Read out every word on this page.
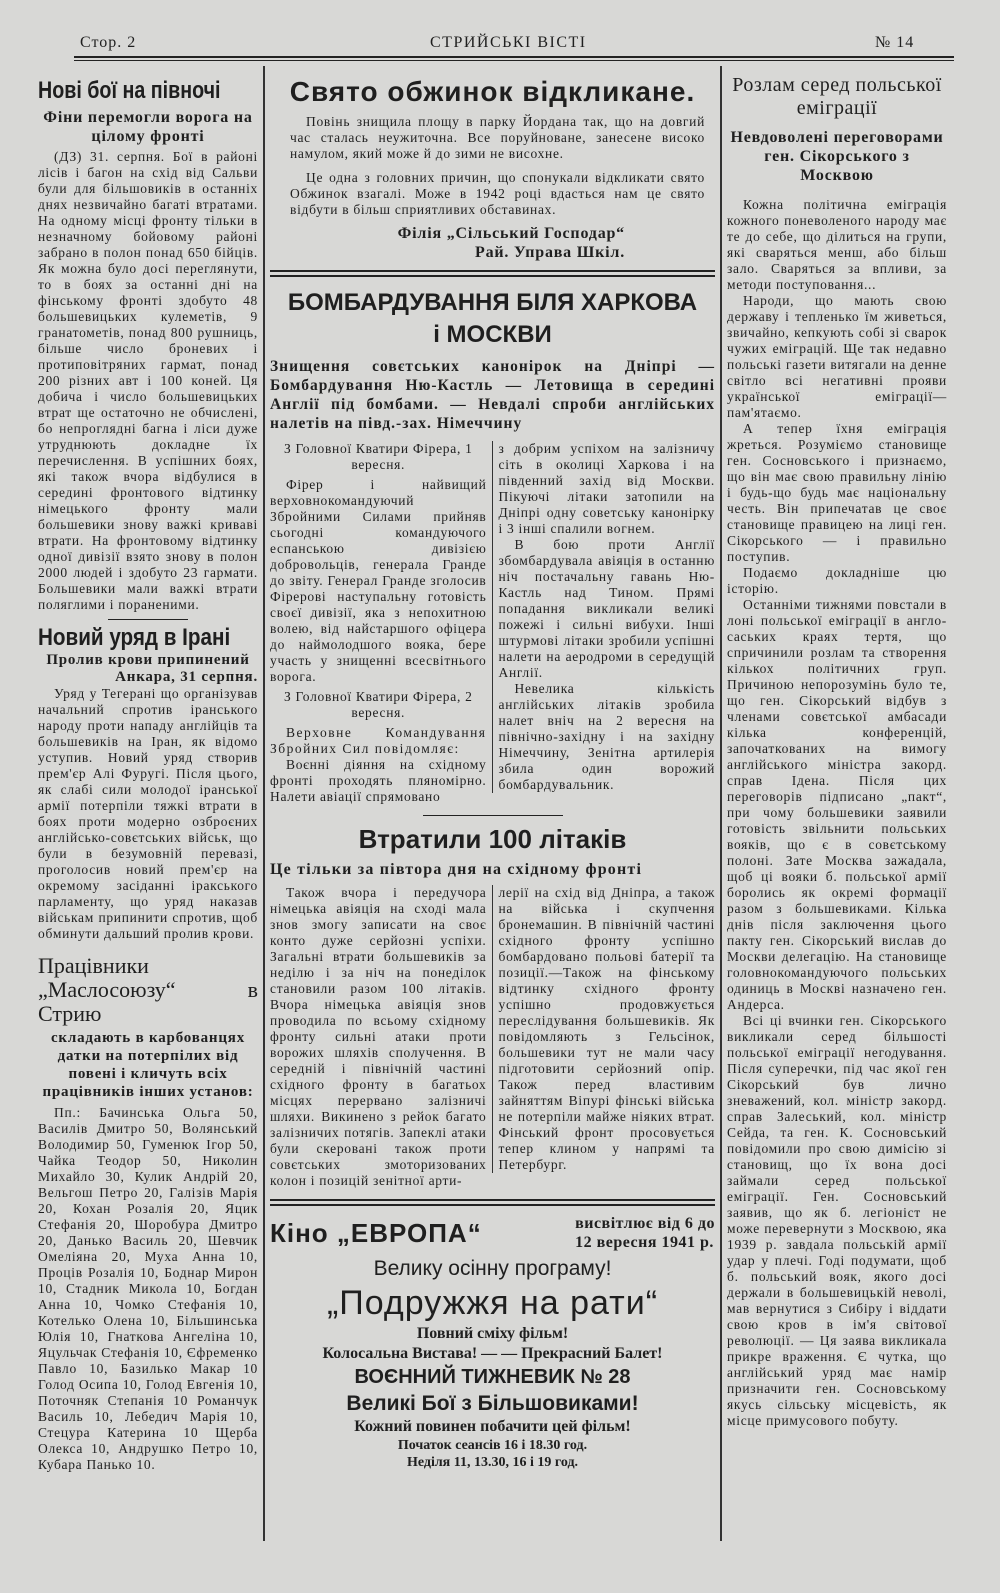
Стор. 2	СТРИЙСЬКІ ВІСТІ	№ 14
Нові бої на півночі
Фіни перемогли ворога на цілому фронті

(ДЗ) 31. серпня. Бої в районі лісів і багон на схід від Сальви були для більшовиків в останніх днях незвичайно багаті втратами. На одному місці фронту тільки в незначному бойовому районі забрано в полон понад 650 бійців. Як можна було досі переглянути, то в боях за останні дні на фінському фронті здобуто 48 большевицьких кулеметів, 9 гранатометів, понад 800 рушниць, більше число броневих і протиповітряних гармат, понад 200 різних авт і 100 коней. Ця добича і число большевицьких втрат ще остаточно не обчислені, бо непроглядні багна і ліси дуже утруднюють докладне їх перечислення. В успішних боях, які також вчора відбулися в середині фронтового відтинку німецького фронту мали большевики знову важкі криваві втрати. На фронтовому відтинку одної дивізії взято знову в полон 2000 людей і здобуто 23 гармати. Большевики мали важкі втрати поляглими і пораненими.

Новий уряд в Ірані
Пролив крови припинений
Анкара, 31 серпня.

Уряд у Тегерані що організував начальний спротив іранського народу проти нападу англійців та большевиків на Іран, як відомо уступив. Новий уряд створив прем'єр Алі Фуругі. Після цього, як слабі сили молодої іранської армії потерпіли тяжкі втрати в боях проти модерно озброєних англійсько-совєтських військ, що були в безумовній перевазі, проголосив новий прем'єр на окремому засіданні іракського парламенту, що уряд наказав військам припинити спротив, щоб обминути дальший пролив крови.

Працівники „Маслосоюзу“ в Стрию
складають в карбованцях датки на потерпілих від повені і кличуть всіх працівників інших установ:

Пп.: Бачинська Ольга 50, Василів Дмитро 50, Волянський Володимир 50, Гуменюк Ігор 50, Чайка Теодор 50, Николин Михайло 30, Кулик Андрій 20, Вельгош Петро 20, Галізів Марія 20, Кохан Розалія 20, Яцик Стефанія 20, Шоробура Дмитро 20, Данько Василь 20, Шевчик Омеліяна 20, Муха Анна 10, Проців Розалія 10, Боднар Мирон 10, Стадник Микола 10, Богдан Анна 10, Чомко Стефанія 10, Котелько Олена 10, Більшинська Юлія 10, Гнаткова Ангеліна 10, Яцульчак Стефанія 10, Єфременко Павло 10, Базилько Макар 10 Голод Осипа 10, Голод Евгенія 10, Поточняк Степанія 10 Романчук Василь 10, Лебедич Марія 10, Стецура Катерина 10 Щерба Олекса 10, Андрушко Петро 10, Кубара Панько 10.

Свято обжинок відкликане.

Повінь знищила площу в парку Йордана так, що на довгий час сталась неужиточна. Все поруйноване, занесене високо намулом, який може й до зими не висохне.

Це одна з головних причин, що спонукали відкликати свято Обжинок взагалі. Може в 1942 році вдасться нам це свято відбути в більш сприятливих обставинах.

Філія „Сільський Господар“
Рай. Управа Шкіл.
БОМБАРДУВАННЯ БІЛЯ ХАРКОВА
і МОСКВИ
Знищення совєтських канонірок на Дніпрі — Бомбардування Ню-Кастль — Летовища в середині Англії під бомбами. — Невдалі спроби англійських налетів на півд.-зах. Німеччину

З Головної Кватири Фірера, 1 вересня.

Фірер і найвищий верховнокомандуючий Збройними Силами прийняв сьогодні командуючого еспанською дивізією добровольців, генерала Гранде до звіту. Генерал Гранде зголосив Фірерові наступальну готовість своєї дивізії, яка з непохитною волею, від найстаршого офіцера до наймолодшого вояка, бере участь у знищенні всесвітнього ворога.

З Головної Кватири Фірера, 2 вересня.

Верховне Командування Збройних Сил повідомляє:

Воєнні діяння на східному фронті проходять пляномірно. Налети авіації спрямовано

з добрим успіхом на залізничу сіть в околиці Харкова і на південний захід від Москви. Пікуючі літаки затопили на Дніпрі одну советську канонірку і 3 інші спалили вогнем.

В бою проти Англії збомбардувала авіяція в останню ніч постачальну гавань Ню-Кастль над Тином. Прямі попадання викликали великі пожежі і сильні вибухи. Інші штурмові літаки зробили успішні налети на аеродроми в середущій Англії.

Невелика кількість англійських літаків зробила налет вніч на 2 вересня на північно-західну і на західну Німеччину, Зенітна артилерія збила один ворожий бомбардувальник.

Втратили 100 літаків
Це тільки за півтора дня на східному фронті

Також вчора і передучора німецька авіяція на сході мала знов змогу записати на своє конто дуже серйозні успіхи. Загальні втрати большевиків за неділю і за ніч на понеділок становили разом 100 літаків. Вчора німецька авіяція знов проводила по всьому східному фронту сильні атаки проти ворожих шляхів сполучення. В середній і північній частині східного фронту в багатьох місцях перервано залізничі шляхи. Викинено з рейок багато залізничих потягів. Запеклі атаки були скеровані також проти совєтських змоторизованих колон і позицій зенітної арти-

лерії на схід від Дніпра, а також на війська і скупчення бронемашин. В північній частині східного фронту успішно бомбардовано польові батерії та позиції.—Також на фінському відтинку східного фронту успішно продовжується переслідування большевиків. Як повідомляють з Гельсінок, большевики тут не мали часу підготовити серйозний опір. Також перед властивим зайняттям Віпурі фінські війська не потерпіли майже ніяких втрат. Фінський фронт просовується тепер клином у напрямі та Петербург.

Кіно „ЕВРОПА“	висвітлює від 6 до
12 вересня 1941 р.
Велику осінну програму!
„Подружжя на рати“
Повний сміху фільм!
Колосальна Вистава! — — Прекрасний Балет!
ВОЄННИЙ ТИЖНЕВИК № 28
Великі Бої з Більшовиками!
Кожний повинен побачити цей фільм!
Початок сеансів 16 і 18.30 год.
Неділя 11, 13.30, 16 і 19 год.
Розлам серед польської еміграції
Невдоволені переговорами ген. Сікорського з Москвою

Кожна політична еміграція кожного поневоленого народу має те до себе, що ділиться на групи, які сваряться менш, або більш зало. Сваряться за впливи, за методи поступовання...

Народи, що мають свою державу і тепленько їм живеться, звичайно, кепкують собі зі сварок чужих еміграцій. Ще так недавно польські газети витягали на денне світло всі негативні прояви української еміграції—пам'ятаємо.

А тепер їхня еміграція жреться. Розуміємо становище ген. Сосновського і признаємо, що він має свою правильну лінію і будь-що будь має національну честь. Він припечатав це своє становище правицею на лиці ген. Сікорського — і правильно поступив.

Подаємо докладніше цю історію.

Останніми тижнями повстали в лоні польської еміграції в англо-саських краях тертя, що спричинили розлам та створення кількох політичних груп. Причиною непорозумінь було те, що ген. Сікорський відбув з членами совєтської амбасади кілька конференцій, започаткованих на вимогу англійського міністра закорд. справ Ідена. Після цих переговорів підписано „пакт“, при чому большевики заявили готовість звільнити польських вояків, що є в совєтському полоні. Зате Москва зажадала, щоб ці вояки б. польської армії боролись як окремі формації разом з большевиками. Кілька днів після заключення цього пакту ген. Сікорський вислав до Москви делегацію. На становище головнокомандуючого польських одиниць в Москві назначено ген. Андерса.

Всі ці вчинки ген. Сікорського викликали серед більшості польської еміграції негодування. Після суперечки, під час якої ген Сікорський був лично зневажений, кол. міністр закорд. справ Залеський, кол. міністр Сейда, та ген. К. Сосновський повідомили про свою димісію зі становищ, що їх вона досі займали серед польської еміграції. Ген. Сосновський заявив, що як б. легіоніст не може перевернути з Москвою, яка 1939 р. завдала польській армії удар у плечі. Годі подумати, щоб б. польський вояк, якого досі держали в большевицькій неволі, мав вернутися з Сибіру і віддати свою кров в ім'я світової революції. — Ця заява викликала прикре враження. Є чутка, що англійський уряд має намір призначити ген. Сосновському якусь сільську місцевість, як місце примусового побуту.
